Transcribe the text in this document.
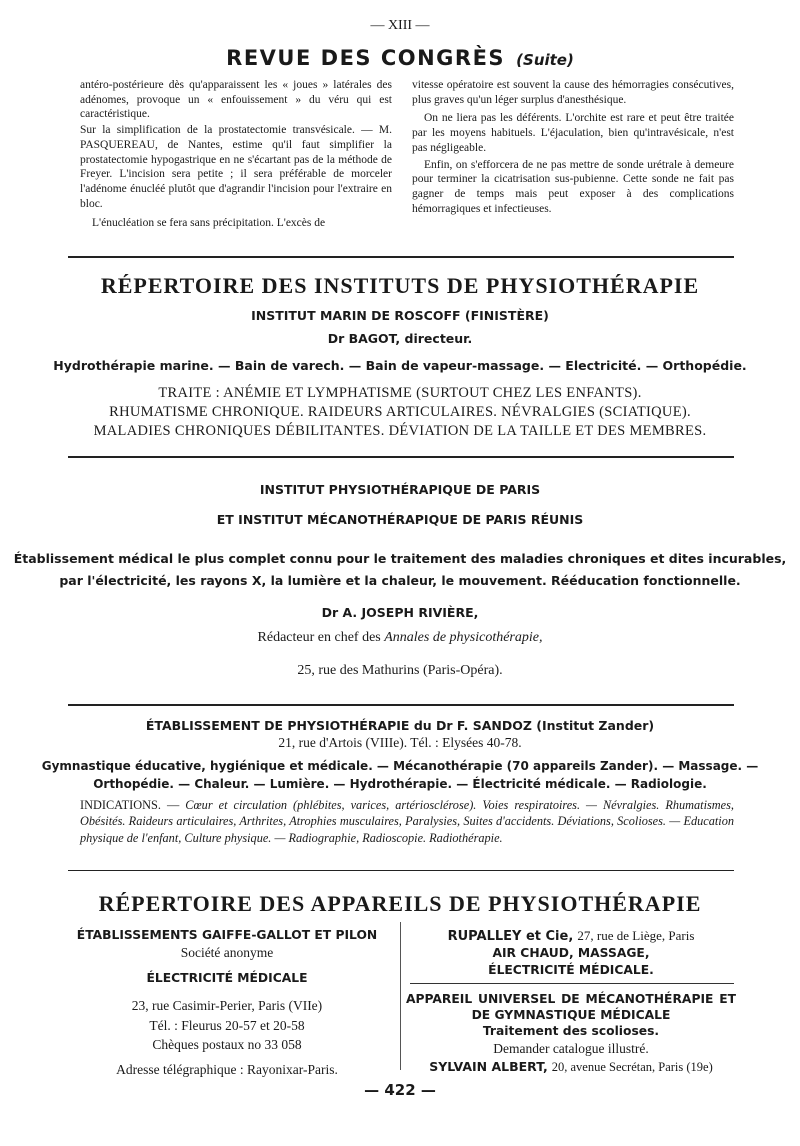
— XIII —
REVUE DES CONGRÈS (Suite)

antéro-postérieure dès qu'apparaissent les « joues » latérales des adénomes, provoque un « enfouissement » du véru qui est caractéristique.

Sur la simplification de la prostatectomie transvésicale. — M. PASQUEREAU, de Nantes, estime qu'il faut simplifier la prostatectomie hypogastrique en ne s'écartant pas de la méthode de Freyer. L'incision sera petite ; il sera préférable de morceler l'adénome énucléé plutôt que d'agrandir l'incision pour l'extraire en bloc.

L'énucléation se fera sans précipitation. L'excès de

vitesse opératoire est souvent la cause des hémorragies consécutives, plus graves qu'un léger surplus d'anesthésique.

On ne liera pas les déférents. L'orchite est rare et peut être traitée par les moyens habituels. L'éjaculation, bien qu'intravésicale, n'est pas négligeable.

Enfin, on s'efforcera de ne pas mettre de sonde urétrale à demeure pour terminer la cicatrisation sus-pubienne. Cette sonde ne fait pas gagner de temps mais peut exposer à des complications hémorragiques et infectieuses.

RÉPERTOIRE DES INSTITUTS DE PHYSIOTHÉRAPIE
INSTITUT MARIN DE ROSCOFF (FINISTÈRE)
Dr BAGOT, directeur.
Hydrothérapie marine. — Bain de varech. — Bain de vapeur-massage. — Electricité. — Orthopédie.
TRAITE : ANÉMIE ET LYMPHATISME (SURTOUT CHEZ LES ENFANTS).
RHUMATISME CHRONIQUE. RAIDEURS ARTICULAIRES. NÉVRALGIES (SCIATIQUE).
MALADIES CHRONIQUES DÉBILITANTES. DÉVIATION DE LA TAILLE ET DES MEMBRES.
INSTITUT PHYSIOTHÉRAPIQUE DE PARIS
ET INSTITUT MÉCANOTHÉRAPIQUE DE PARIS RÉUNIS
Établissement médical le plus complet connu pour le traitement des maladies chroniques et dites incurables,
par l'électricité, les rayons X, la lumière et la chaleur, le mouvement. Rééducation fonctionnelle.
Dr A. JOSEPH RIVIÈRE,
Rédacteur en chef des Annales de physicothérapie,
25, rue des Mathurins (Paris-Opéra).
ÉTABLISSEMENT DE PHYSIOTHÉRAPIE du Dr F. SANDOZ (Institut Zander)
21, rue d'Artois (VIIIe). Tél. : Elysées 40-78.
Gymnastique éducative, hygiénique et médicale. — Mécanothérapie (70 appareils Zander). — Massage. —
Orthopédie. — Chaleur. — Lumière. — Hydrothérapie. — Électricité médicale. — Radiologie.
INDICATIONS. — Cœur et circulation (phlébites, varices, artériosclérose). Voies respiratoires. — Névralgies. Rhumatismes, Obésités. Raideurs articulaires, Arthrites, Atrophies musculaires, Paralysies, Suites d'accidents. Déviations, Scolioses. — Education physique de l'enfant, Culture physique. — Radiographie, Radioscopie. Radiothérapie.
RÉPERTOIRE DES APPAREILS DE PHYSIOTHÉRAPIE
ÉTABLISSEMENTS GAIFFE-GALLOT ET PILON
Société anonyme
ÉLECTRICITÉ MÉDICALE
23, rue Casimir-Perier, Paris (VIIe)
Tél. : Fleurus 20-57 et 20-58
Chèques postaux no 33 058
Adresse télégraphique : Rayonixar-Paris.
RUPALLEY et Cie, 27, rue de Liège, Paris
AIR CHAUD, MASSAGE,
ÉLECTRICITÉ MÉDICALE.
APPAREIL UNIVERSEL DE MÉCANOTHÉRAPIE ET DE GYMNASTIQUE MÉDICALE
Traitement des scolioses.
Demander catalogue illustré.
SYLVAIN ALBERT, 20, avenue Secrétan, Paris (19e)
— 422 —
